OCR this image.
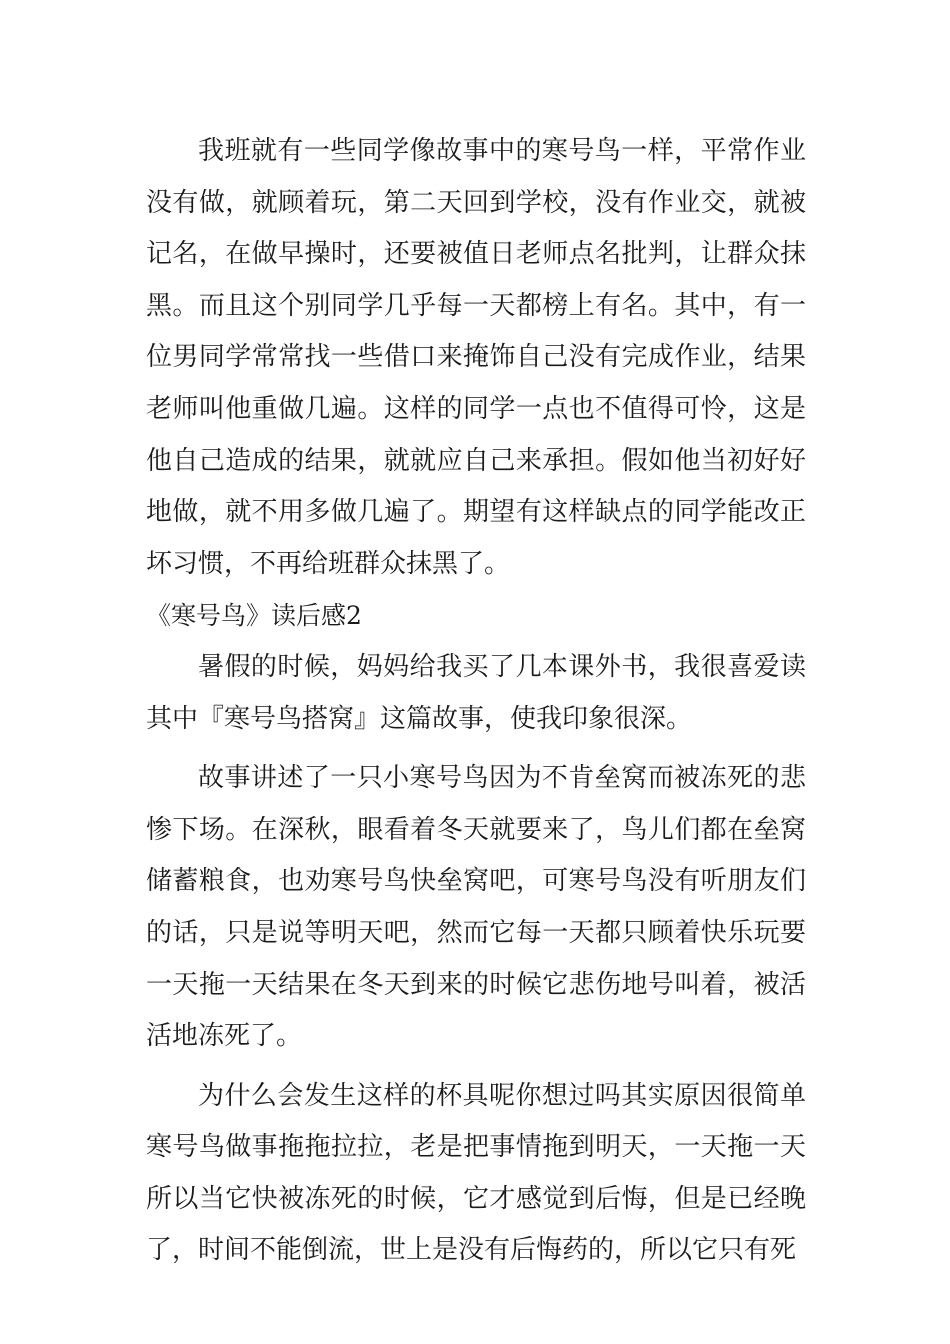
我班就有一些同学像故事中的寒号鸟一样，平常作业没有做，就顾着玩，第二天回到学校，没有作业交，就被记名，在做早操时，还要被值日老师点名批判，让群众抹黑。而且这个别同学几乎每一天都榜上有名。其中，有一位男同学常常找一些借口来掩饰自己没有完成作业，结果老师叫他重做几遍。这样的同学一点也不值得可怜，这是他自己造成的结果，就就应自己来承担。假如他当初好好地做，就不用多做几遍了。期望有这样缺点的同学能改正坏习惯，不再给班群众抹黑了。

《寒号鸟》读后感2

暑假的时候，妈妈给我买了几本课外书，我很喜爱读其中『寒号鸟搭窝』这篇故事，使我印象很深。

故事讲述了一只小寒号鸟因为不肯垒窝而被冻死的悲惨下场。在深秋，眼看着冬天就要来了，鸟儿们都在垒窝储蓄粮食，也劝寒号鸟快垒窝吧，可寒号鸟没有听朋友们的话，只是说等明天吧，然而它每一天都只顾着快乐玩要一天拖一天结果在冬天到来的时候它悲伤地号叫着，被活活地冻死了。

为什么会发生这样的杯具呢你想过吗其实原因很简单寒号鸟做事拖拖拉拉，老是把事情拖到明天，一天拖一天所以当它快被冻死的时候，它才感觉到后悔，但是已经晚了，时间不能倒流，世上是没有后悔药的，所以它只有死
